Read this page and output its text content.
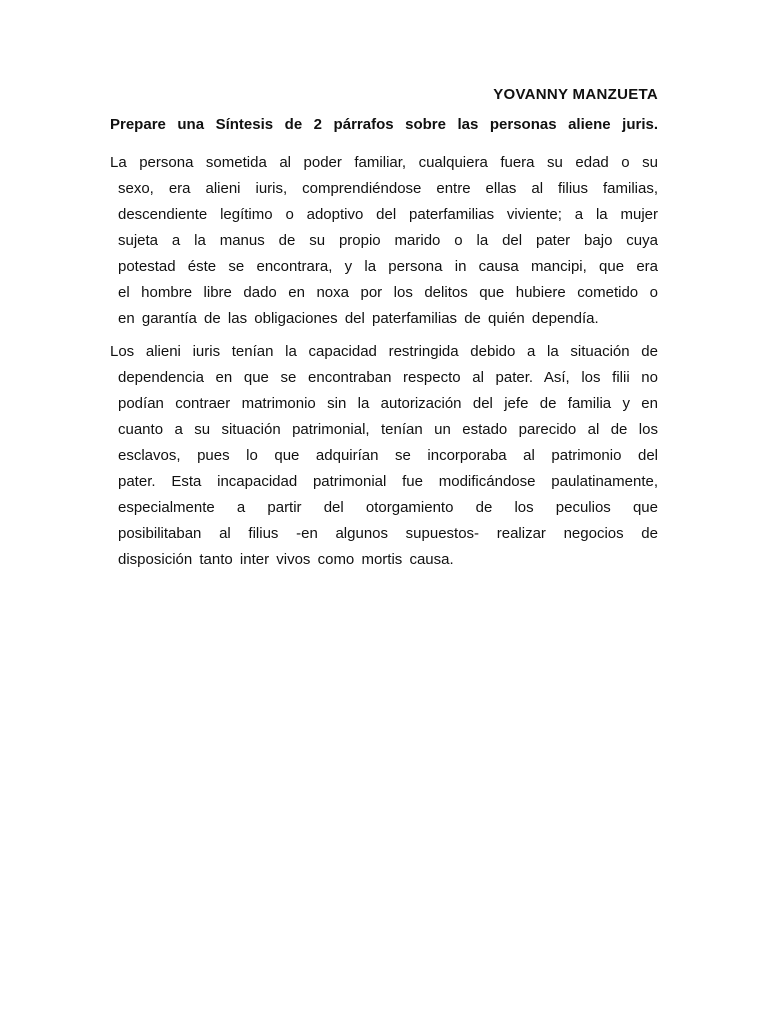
YOVANNY MANZUETA
Prepare una Síntesis de 2 párrafos sobre las personas aliene juris.
La persona sometida al poder familiar, cualquiera fuera su edad o su
sexo, era alieni iuris, comprendiéndose entre ellas al filius familias,
descendiente legítimo o adoptivo del paterfamilias viviente; a la mujer
sujeta a la manus de su propio marido o la del pater bajo cuya
potestad éste se encontrara, y la persona in causa mancipi, que era
el hombre libre dado en noxa por los delitos que hubiere cometido o
en garantía de las obligaciones del paterfamilias de quién dependía.
Los alieni iuris tenían la capacidad restringida debido a la situación de
dependencia en que se encontraban respecto al pater. Así, los filii no
podían contraer matrimonio sin la autorización del jefe de familia y en
cuanto a su situación patrimonial, tenían un estado parecido al de los
esclavos, pues lo que adquirían se incorporaba al patrimonio del
pater. Esta incapacidad patrimonial fue modificándose paulatinamente,
especialmente a partir del otorgamiento de los peculios que
posibilitaban al filius -en algunos supuestos- realizar negocios de
disposición tanto inter vivos como mortis causa.
